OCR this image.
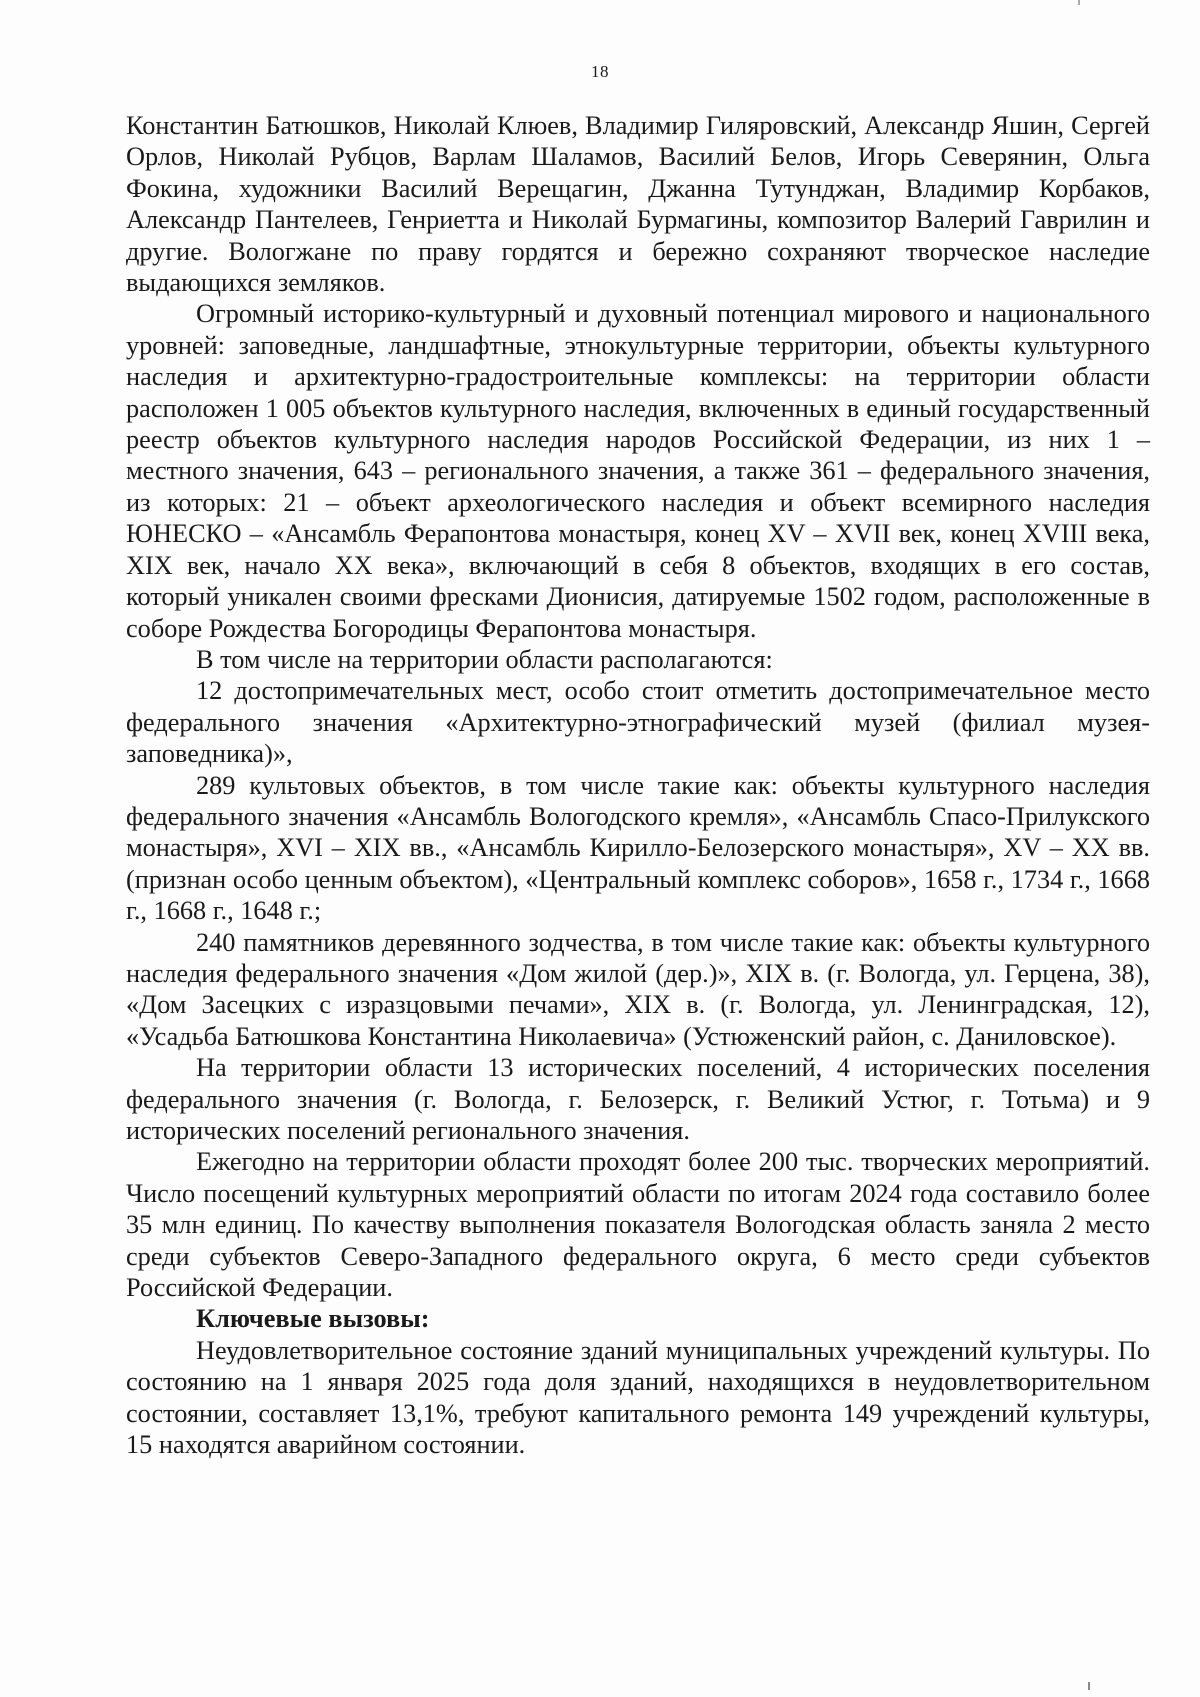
18

Константин Батюшков, Николай Клюев, Владимир Гиляровский, Александр Яшин, Сергей Орлов, Николай Рубцов, Варлам Шаламов, Василий Белов, Игорь Северянин, Ольга Фокина, художники Василий Верещагин, Джанна Тутунджан, Владимир Корбаков, Александр Пантелеев, Генриетта и Николай Бурмагины, композитор Валерий Гаврилин и другие. Вологжане по праву гордятся и бережно сохраняют творческое наследие выдающихся земляков.

Огромный историко-культурный и духовный потенциал мирового и национального уровней: заповедные, ландшафтные, этнокультурные территории, объекты культурного наследия и архитектурно-градостроительные комплексы: на территории области расположен 1 005 объектов культурного наследия, включенных в единый государственный реестр объектов культурного наследия народов Российской Федерации, из них 1 – местного значения, 643 – регионального значения, а также 361 – федерального значения, из которых: 21 – объект археологического наследия и объект всемирного наследия ЮНЕСКО – «Ансамбль Ферапонтова монастыря, конец XV – XVII век, конец XVIII века, XIX век, начало XX века», включающий в себя 8 объектов, входящих в его состав, который уникален своими фресками Дионисия, датируемые 1502 годом, расположенные в соборе Рождества Богородицы Ферапонтова монастыря.

В том числе на территории области располагаются:

12 достопримечательных мест, особо стоит отметить достопримечательное место федерального значения «Архитектурно-этнографический музей (филиал музея-заповедника)»,

289 культовых объектов, в том числе такие как: объекты культурного наследия федерального значения «Ансамбль Вологодского кремля», «Ансамбль Спасо-Прилукского монастыря», XVI – XIX вв., «Ансамбль Кирилло-Белозерского монастыря», XV – XX вв. (признан особо ценным объектом), «Центральный комплекс соборов», 1658 г., 1734 г., 1668 г., 1668 г., 1648 г.;

240 памятников деревянного зодчества, в том числе такие как: объекты культурного наследия федерального значения «Дом жилой (дер.)», XIX в. (г. Вологда, ул. Герцена, 38), «Дом Засецких с изразцовыми печами», XIX в. (г. Вологда, ул. Ленинградская, 12), «Усадьба Батюшкова Константина Николаевича» (Устюженский район, с. Даниловское).

На территории области 13 исторических поселений, 4 исторических поселения федерального значения (г. Вологда, г. Белозерск, г. Великий Устюг, г. Тотьма) и 9 исторических поселений регионального значения.

Ежегодно на территории области проходят более 200 тыс. творческих мероприятий. Число посещений культурных мероприятий области по итогам 2024 года составило более 35 млн единиц. По качеству выполнения показателя Вологодская область заняла 2 место среди субъектов Северо-Западного федерального округа, 6 место среди субъектов Российской Федерации.

Ключевые вызовы:

Неудовлетворительное состояние зданий муниципальных учреждений культуры. По состоянию на 1 января 2025 года доля зданий, находящихся в неудовлетворительном состоянии, составляет 13,1%, требуют капитального ремонта 149 учреждений культуры, 15 находятся аварийном состоянии.
